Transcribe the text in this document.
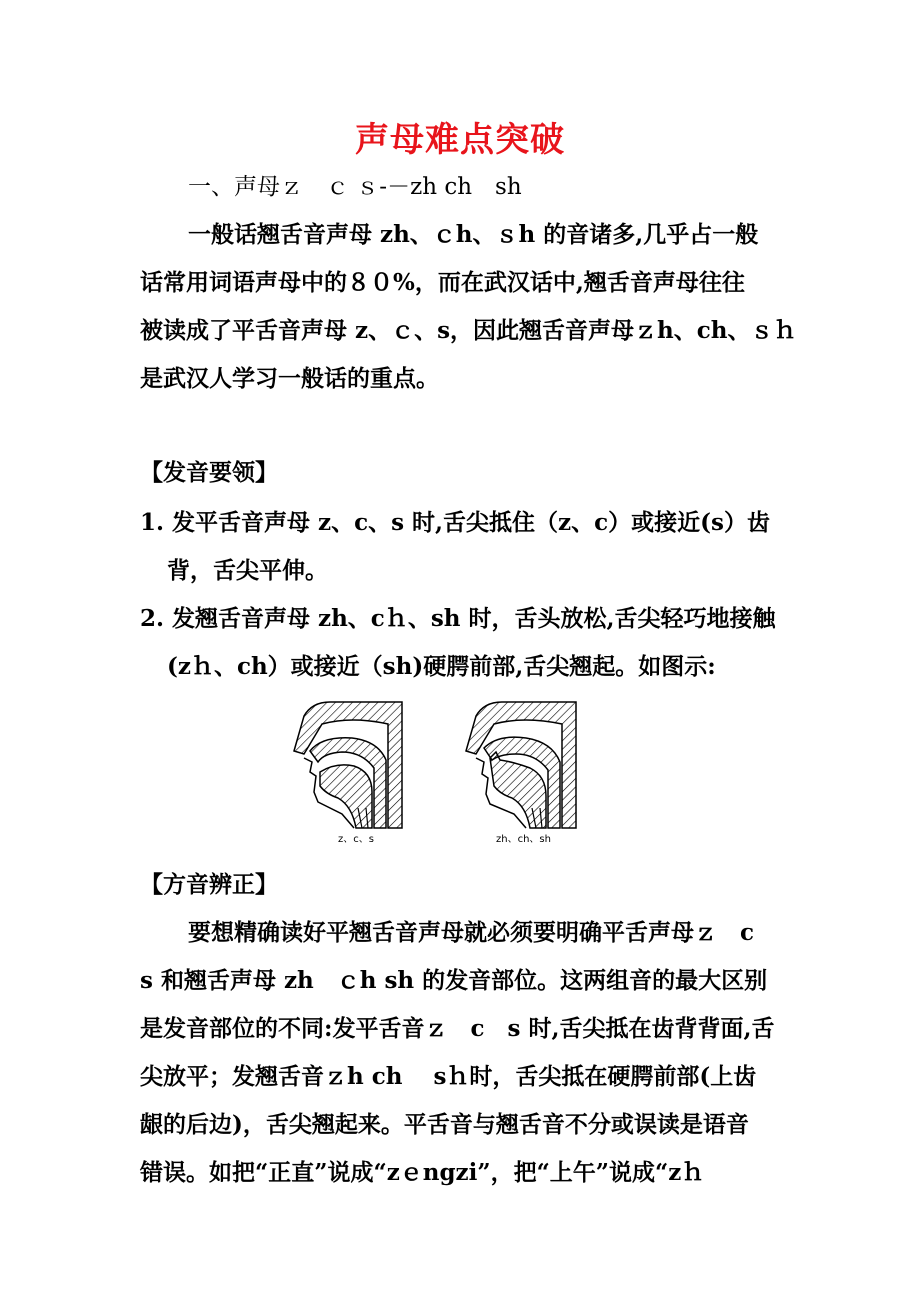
声母难点突破
一、声母ｚ　ｃ ｓ-－zh ch　sh
一般话翘舌音声母 zh、ｃh、ｓh 的音诸多,几乎占一般
话常用词语声母中的８０%，而在武汉话中,翘舌音声母往往
被读成了平舌音声母 z、ｃ、s，因此翘舌音声母ｚh、ch、ｓｈ
是武汉人学习一般话的重点。
【发音要领】
1. 发平舌音声母 z、c、s 时,舌尖抵住（z、c）或接近(s）齿
背，舌尖平伸。
2. 发翘舌音声母 zh、cｈ、sh 时，舌头放松,舌尖轻巧地接触
(zｈ、ch）或接近（sh)硬腭前部,舌尖翘起。如图示:
z、c、s	zh、ch、sh
【方音辨正】
要想精确读好平翘舌音声母就必须要明确平舌声母ｚ　c
s 和翘舌声母 zh　ｃh sh 的发音部位。这两组音的最大区别
是发音部位的不同:发平舌音ｚ　c　s 时,舌尖抵在齿背背面,舌
尖放平；发翘舌音ｚh ch　 sｈ时，舌尖抵在硬腭前部(上齿
龈的后边)，舌尖翘起来。平舌音与翘舌音不分或误读是语音
错误。如把“正直”说成“zｅngzi”，把“上午”说成“zｈ
